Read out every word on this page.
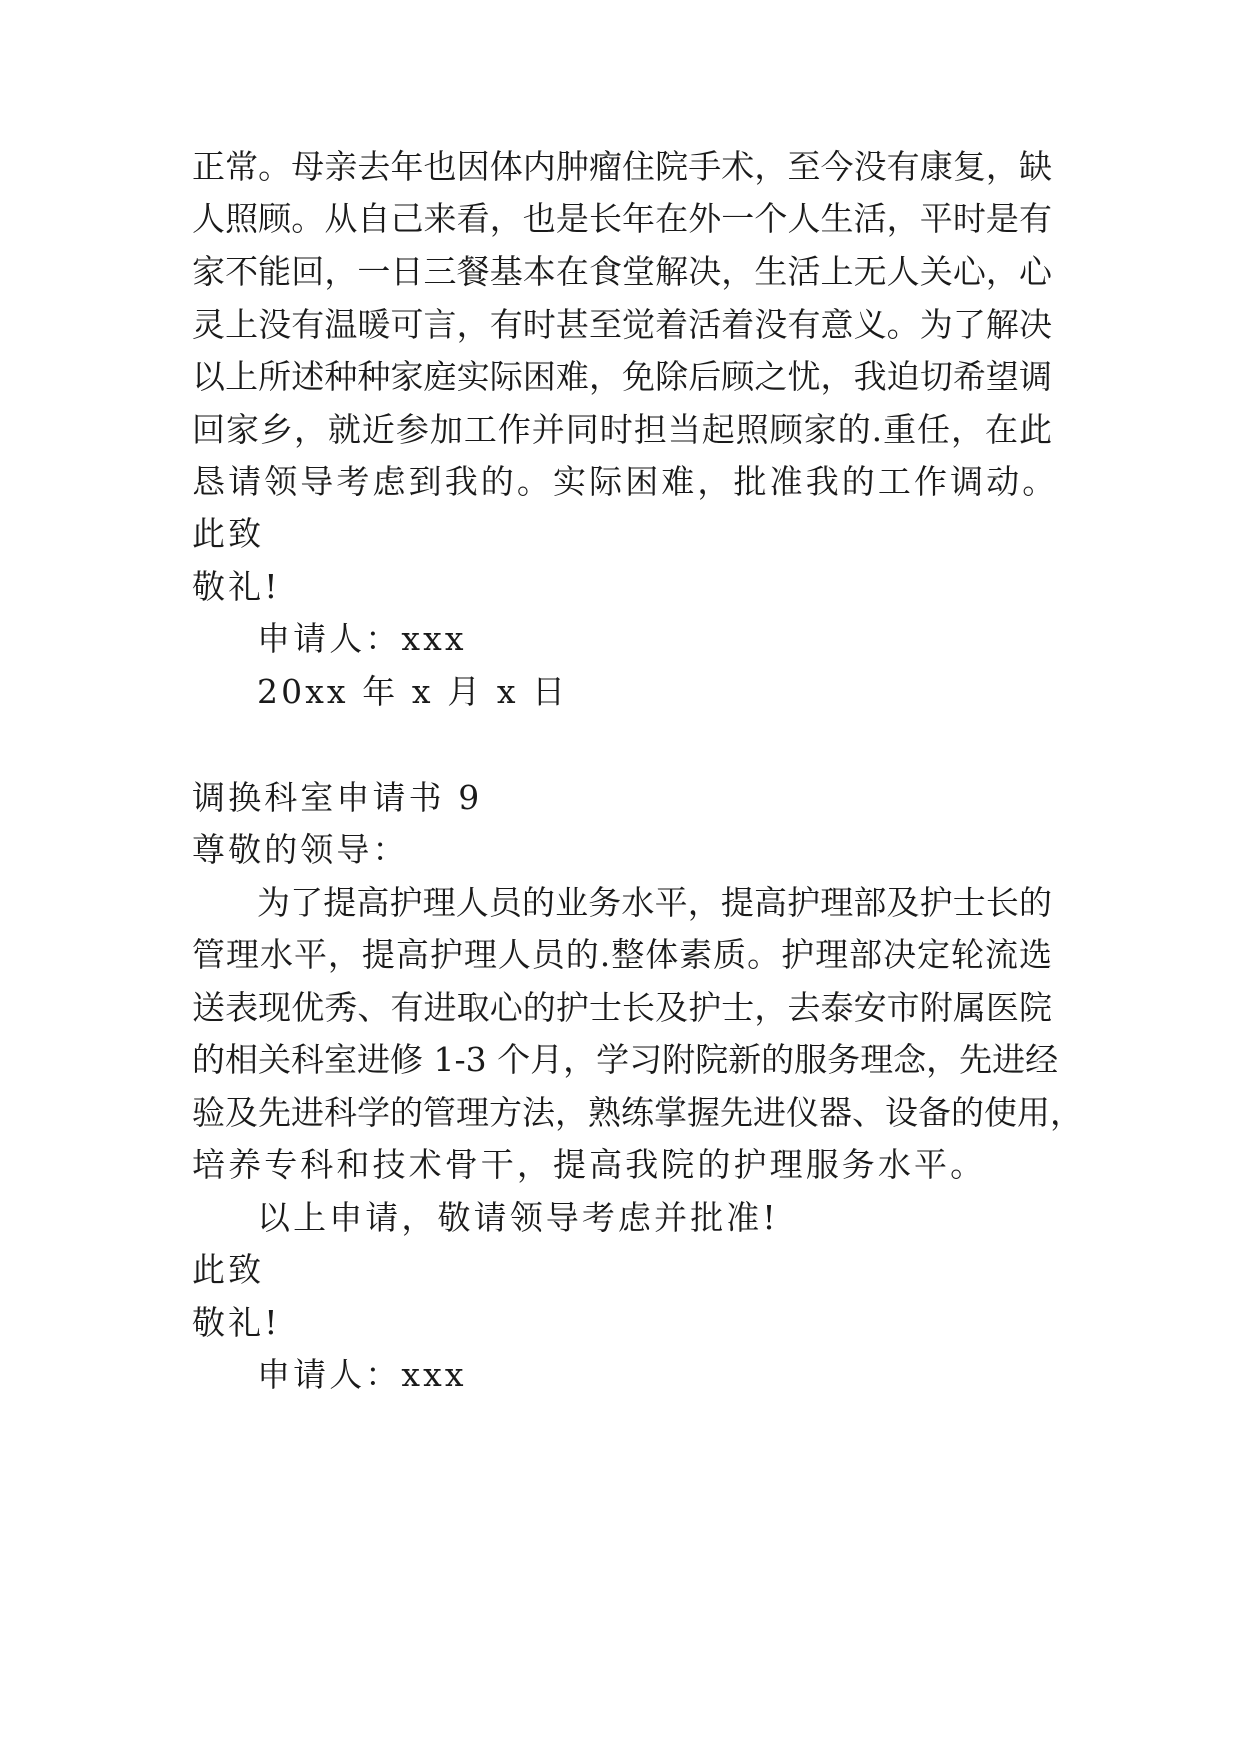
正常。母亲去年也因体内肿瘤住院手术，至今没有康复，缺
人照顾。从自己来看，也是长年在外一个人生活，平时是有
家不能回，一日三餐基本在食堂解决，生活上无人关心，心
灵上没有温暖可言，有时甚至觉着活着没有意义。为了解决
以上所述种种家庭实际困难，免除后顾之忧，我迫切希望调
回家乡，就近参加工作并同时担当起照顾家的.重任，在此
恳请领导考虑到我的。实际困难，批准我的工作调动。
此致
敬礼!
申请人：xxx
20xx 年 x 月 x 日
调换科室申请书 9
尊敬的领导：
为了提高护理人员的业务水平，提高护理部及护士长的
管理水平，提高护理人员的.整体素质。护理部决定轮流选
送表现优秀、有进取心的护士长及护士，去泰安市附属医院
的相关科室进修 1-3 个月，学习附院新的服务理念，先进经
验及先进科学的管理方法，熟练掌握先进仪器、设备的使用，
培养专科和技术骨干，提高我院的护理服务水平。
以上申请，敬请领导考虑并批准!
此致
敬礼!
申请人：xxx
